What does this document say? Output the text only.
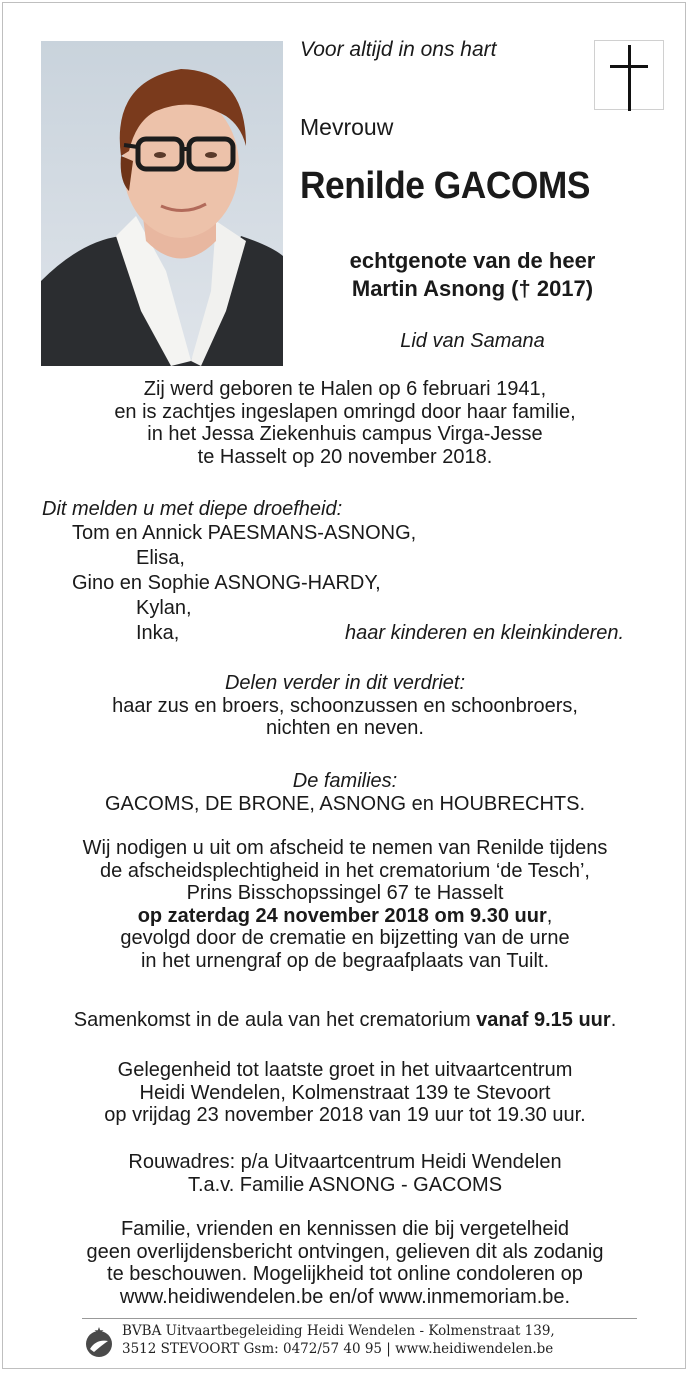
Voor altijd in ons hart
Mevrouw
Renilde GACOMS
echtgenote van de heer
Martin Asnong († 2017)
Lid van Samana
Zij werd geboren te Halen op 6 februari 1941,
en is zachtjes ingeslapen omringd door haar familie,
in het Jessa Ziekenhuis campus Virga-Jesse
te Hasselt op 20 november 2018.
Dit melden u met diepe droefheid:
Tom en Annick PAESMANS-ASNONG,
Elisa,
Gino en Sophie ASNONG-HARDY,
Kylan,
Inka,	haar kinderen en kleinkinderen.
Delen verder in dit verdriet:
haar zus en broers, schoonzussen en schoonbroers,
nichten en neven.
De families:
GACOMS, DE BRONE, ASNONG en HOUBRECHTS.
Wij nodigen u uit om afscheid te nemen van Renilde tijdens
de afscheidsplechtigheid in het crematorium ‘de Tesch’,
Prins Bisschopssingel 67 te Hasselt
op zaterdag 24 november 2018 om 9.30 uur,
gevolgd door de crematie en bijzetting van de urne
in het urnengraf op de begraafplaats van Tuilt.
Samenkomst in de aula van het crematorium vanaf 9.15 uur.
Gelegenheid tot laatste groet in het uitvaartcentrum
Heidi Wendelen, Kolmenstraat 139 te Stevoort
op vrijdag 23 november 2018 van 19 uur tot 19.30 uur.
Rouwadres: p/a Uitvaartcentrum Heidi Wendelen
T.a.v. Familie ASNONG - GACOMS
Familie, vrienden en kennissen die bij vergetelheid
geen overlijdensbericht ontvingen, gelieven dit als zodanig
te beschouwen. Mogelijkheid tot online condoleren op
www.heidiwendelen.be en/of www.inmemoriam.be.
BVBA Uitvaartbegeleiding Heidi Wendelen - Kolmenstraat 139,
3512 STEVOORT Gsm: 0472/57 40 95 | www.heidiwendelen.be
